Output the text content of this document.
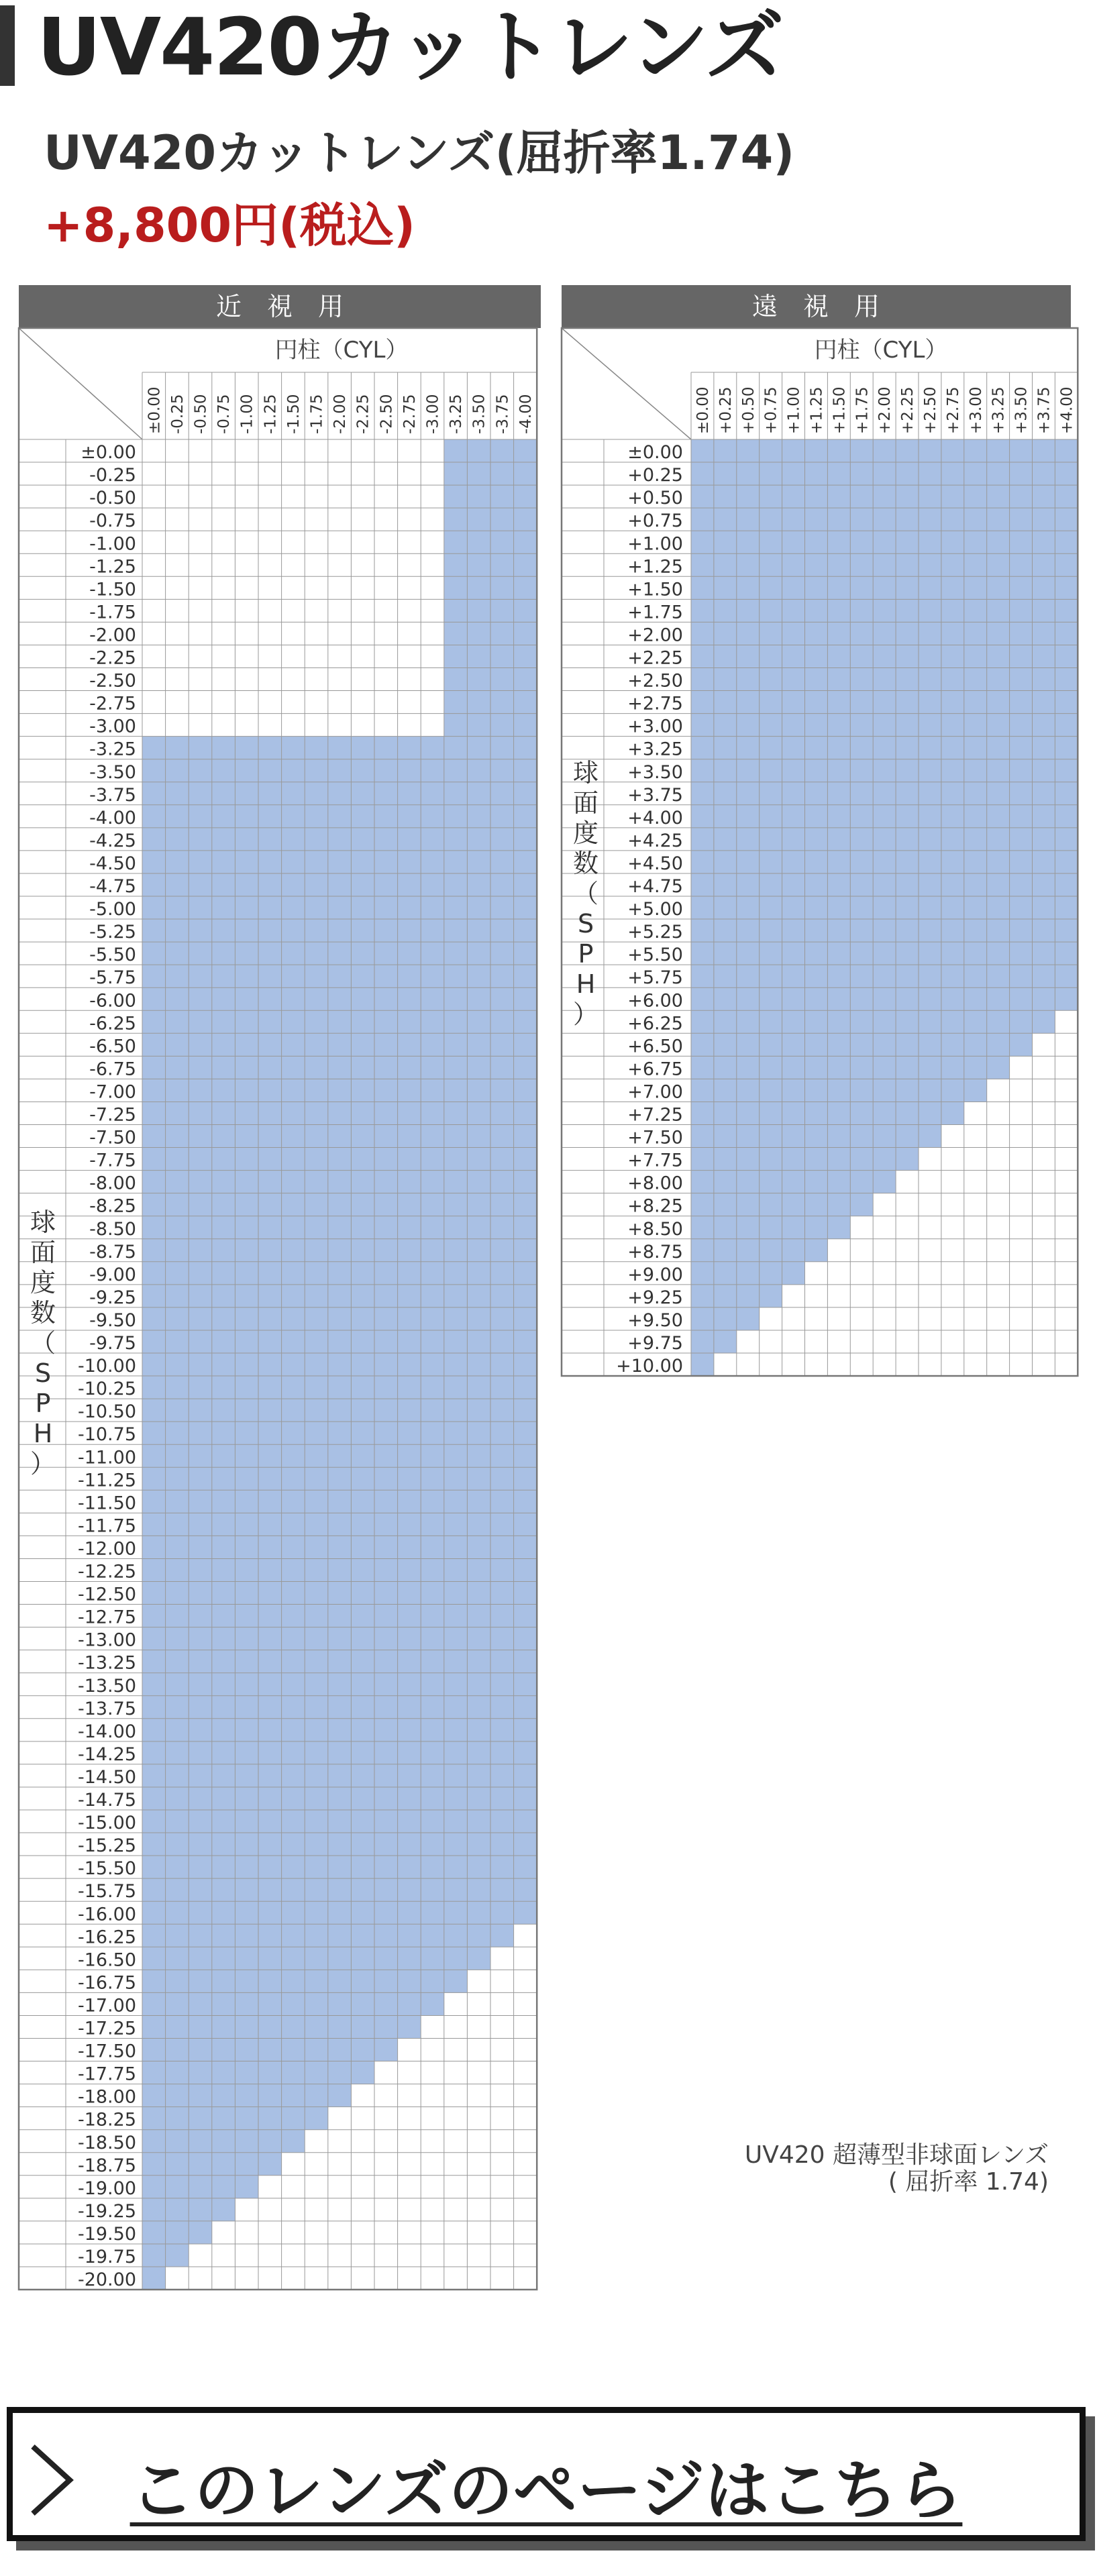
UV420カットレンズ
UV420カットレンズ(屈折率1.74)
+8,800円(税込)
近　視　用
円柱（CYL）
±0.00 -0.25 -0.50 -0.75 -1.00 -1.25 -1.50 -1.75 -2.00 -2.25 -2.50 -2.75 -3.00 -3.25 -3.50 -3.75 -4.00
±0.00
-0.25
-0.50
-0.75
-1.00
-1.25
-1.50
-1.75
-2.00
-2.25
-2.50
-2.75
-3.00
-3.25
-3.50
-3.75
-4.00
-4.25
-4.50
-4.75
-5.00
-5.25
-5.50
-5.75
-6.00
-6.25
-6.50
-6.75
-7.00
-7.25
-7.50
-7.75
-8.00
-8.25
-8.50
-8.75
-9.00
-9.25
-9.50
-9.75
-10.00
-10.25
-10.50
-10.75
-11.00
-11.25
-11.50
-11.75
-12.00
-12.25
-12.50
-12.75
-13.00
-13.25
-13.50
-13.75
-14.00
-14.25
-14.50
-14.75
-15.00
-15.25
-15.50
-15.75
-16.00
-16.25
-16.50
-16.75
-17.00
-17.25
-17.50
-17.75
-18.00
-18.25
-18.50
-18.75
-19.00
-19.25
-19.50
-19.75
-20.00
球
面
度
数
（
S
P
H
）
遠　視　用
円柱（CYL）
±0.00 +0.25 +0.50 +0.75 +1.00 +1.25 +1.50 +1.75 +2.00 +2.25 +2.50 +2.75 +3.00 +3.25 +3.50 +3.75 +4.00
±0.00
+0.25
+0.50
+0.75
+1.00
+1.25
+1.50
+1.75
+2.00
+2.25
+2.50
+2.75
+3.00
+3.25
+3.50
+3.75
+4.00
+4.25
+4.50
+4.75
+5.00
+5.25
+5.50
+5.75
+6.00
+6.25
+6.50
+6.75
+7.00
+7.25
+7.50
+7.75
+8.00
+8.25
+8.50
+8.75
+9.00
+9.25
+9.50
+9.75
+10.00
球
面
度
数
（
S
P
H
）
UV420 超薄型非球面レンズ
( 屈折率 1.74)
このレンズのページはこちら
